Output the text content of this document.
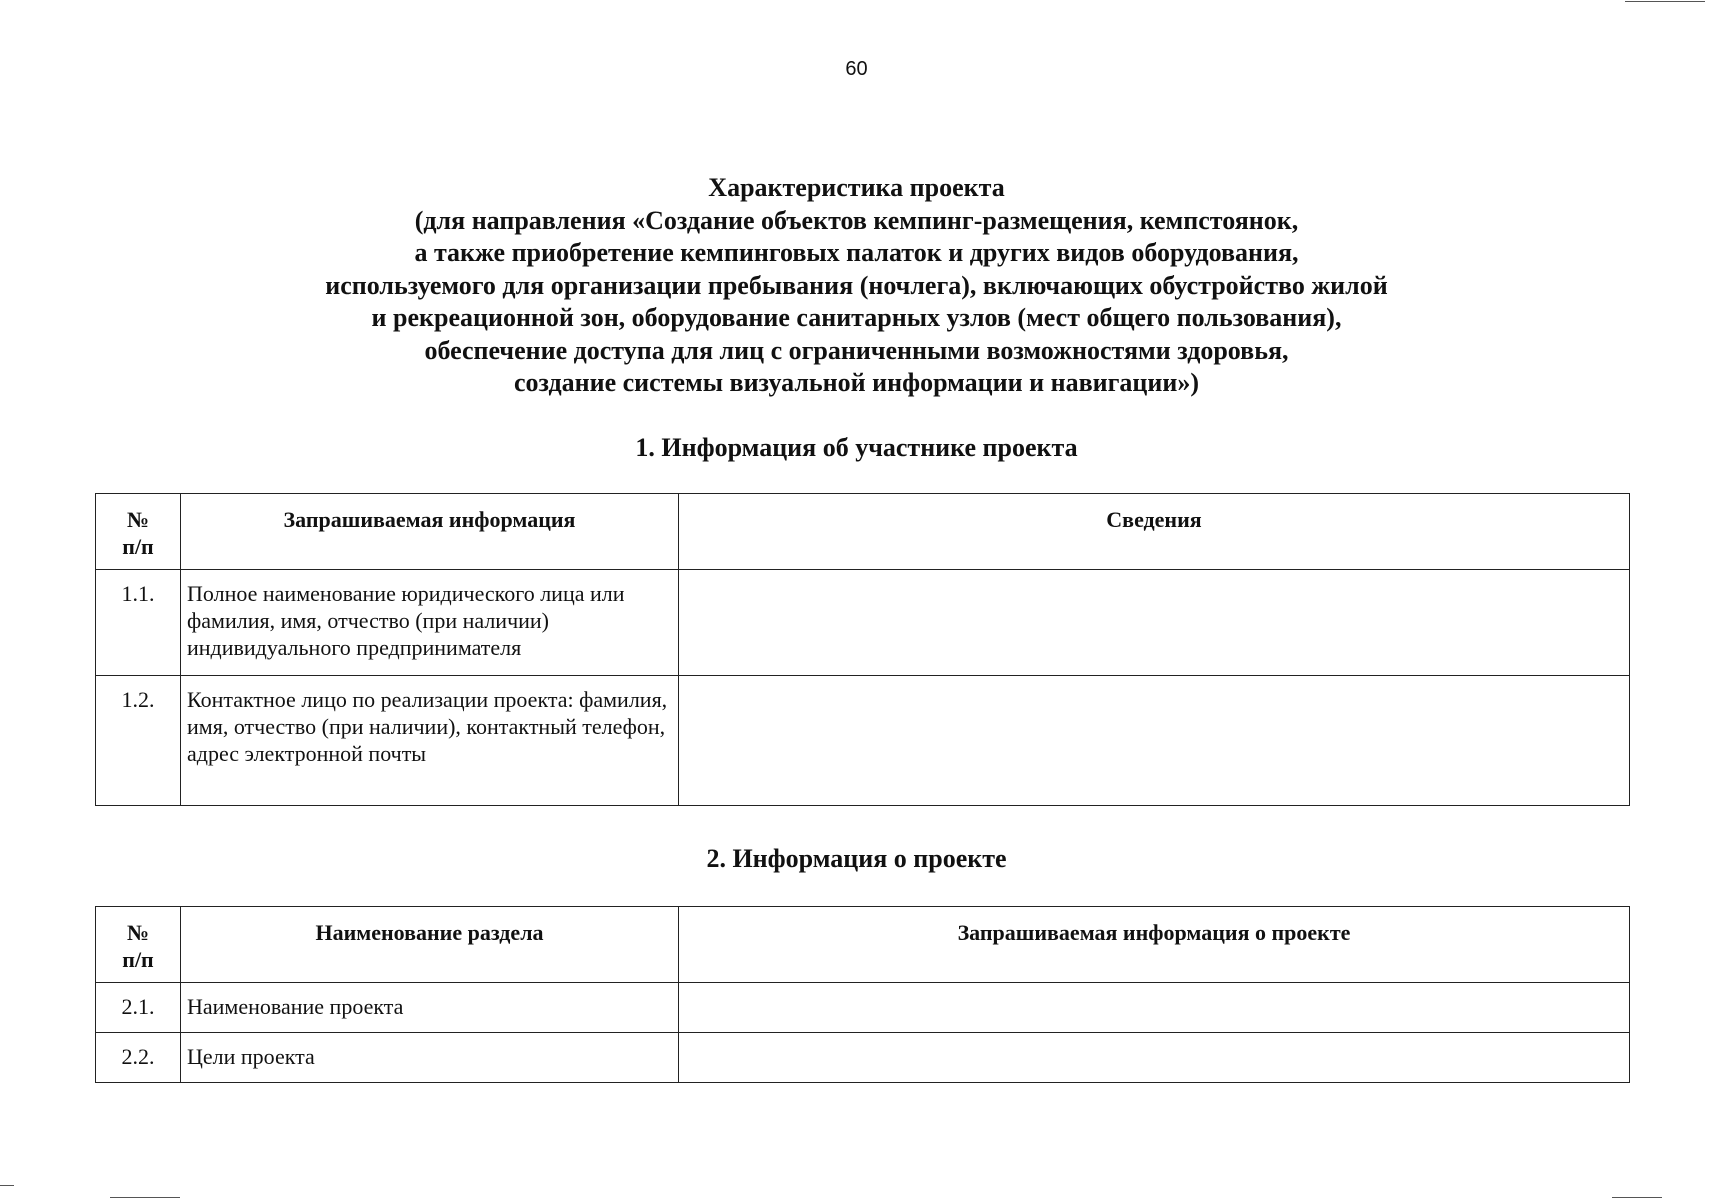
60
Характеристика проекта
(для направления «Создание объектов кемпинг-размещения, кемпстоянок,
а также приобретение кемпинговых палаток и других видов оборудования,
используемого для организации пребывания (ночлега), включающих обустройство жилой
и рекреационной зон, оборудование санитарных узлов (мест общего пользования),
обеспечение доступа для лиц с ограниченными возможностями здоровья,
создание системы визуальной информации и навигации»)
1. Информация об участнике проекта
№
п/п	Запрашиваемая информация	Сведения
1.1.	Полное наименование юридического лица или фамилия, имя, отчество (при наличии) индивидуального предпринимателя	
1.2.	Контактное лицо по реализации проекта: фамилия, имя, отчество (при наличии), контактный телефон, адрес электронной почты	
2. Информация о проекте
№
п/п	Наименование раздела	Запрашиваемая информация о проекте
2.1.	Наименование проекта	
2.2.	Цели проекта	
